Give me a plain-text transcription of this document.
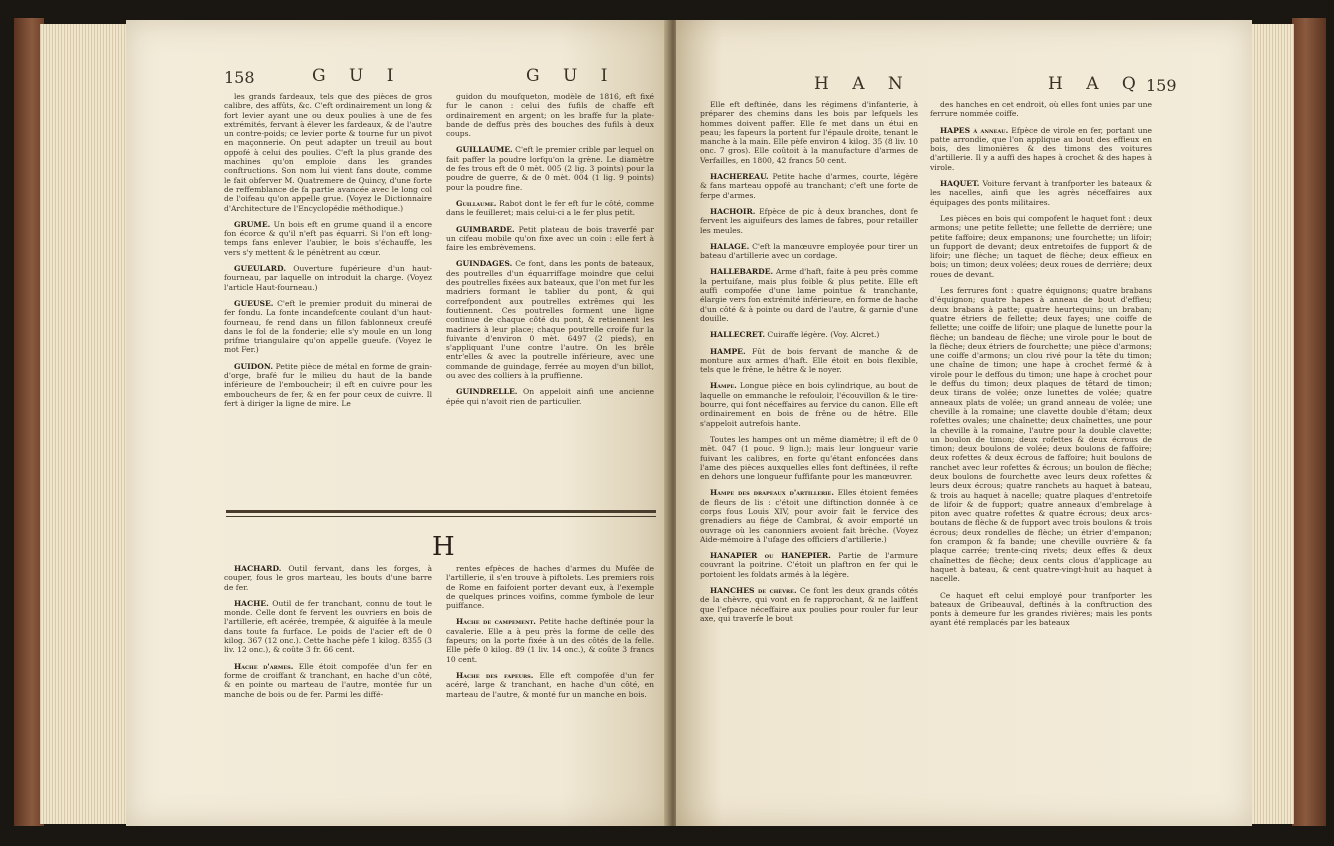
158	G U I	G U I

les grands fardeaux, tels que des pièces de gros calibre, des affûts, &c. C'eft ordinairement un long & fort levier ayant une ou deux poulies à une de fes extrémités, fervant à élever les fardeaux, & de l'autre un contre-poids; ce levier porte & tourne fur un pivot en maçonnerie. On peut adapter un treuil au bout oppofé à celui des poulies. C'eft la plus grande des machines qu'on emploie dans les grandes conftructions. Son nom lui vient fans doute, comme le fait obferver M. Quatremere de Quincy, d'une forte de reffemblance de fa partie avancée avec le long col de l'oifeau qu'on appelle grue. (Voyez le Dictionnaire d'Architecture de l'Encyclopédie méthodique.)

GRUME. Un bois eft en grume quand il a encore fon écorce & qu'il n'eft pas équarri. Si l'on eft long-temps fans enlever l'aubier, le bois s'échauffe, les vers s'y mettent & le pénètrent au cœur.

GUEULARD. Ouverture fupérieure d'un haut-fourneau, par laquelle on introduit la charge. (Voyez l'article Haut-fourneau.)

GUEUSE. C'eft le premier produit du minerai de fer fondu. La fonte incandefcente coulant d'un haut-fourneau, fe rend dans un fillon fablonneux creufé dans le fol de la fonderie; elle s'y moule en un long prifme triangulaire qu'on appelle gueufe. (Voyez le mot Fer.)

GUIDON. Petite pièce de métal en forme de grain-d'orge, brafé fur le milieu du haut de la bande inférieure de l'emboucheir; il eft en cuivre pour les emboucheurs de fer, & en fer pour ceux de cuivre. Il fert à diriger la ligne de mire. Le

guidon du moufqueton, modèle de 1816, eft fixé fur le canon : celui des fufils de chaffe eft ordinairement en argent; on les braffe fur la plate-bande de deffus près des bouches des fufils à deux coups.

GUILLAUME. C'eft le premier crible par lequel on fait paffer la poudre lorfqu'on la grène. Le diamètre de fes trous eft de 0 mèt. 005 (2 lig. 3 points) pour la poudre de guerre, & de 0 mèt. 004 (1 lig. 9 points) pour la poudre fine.

Guillaume. Rabot dont le fer eft fur le côté, comme dans le feuilleret; mais celui-ci a le fer plus petit.

GUIMBARDE. Petit plateau de bois traverfé par un cifeau mobile qu'on fixe avec un coin : elle fert à faire les embrèvemens.

GUINDAGES. Ce font, dans les ponts de bateaux, des poutrelles d'un équarriffage moindre que celui des poutrelles fixées aux bateaux, que l'on met fur les madriers formant le tablier du pont, & qui correfpondent aux poutrelles extrêmes qui les foutiennent. Ces poutrelles forment une ligne continue de chaque côté du pont, & retiennent les madriers à leur place; chaque poutrelle croife fur la fuivante d'environ 0 mèt. 6497 (2 pieds), en s'appliquant l'une contre l'autre. On les brêle entr'elles & avec la poutrelle inférieure, avec une commande de guindage, ferrée au moyen d'un billot, ou avec des colliers à la pruffienne.

GUINDRELLE. On appeloit ainfi une ancienne épée qui n'avoit rien de particulier.

H

HACHARD. Outil fervant, dans les forges, à couper, fous le gros marteau, les bouts d'une barre de fer.

HACHE. Outil de fer tranchant, connu de tout le monde. Celle dont fe fervent les ouvriers en bois de l'artillerie, eft acérée, trempée, & aiguifée à la meule dans toute fa furface. Le poids de l'acier eft de 0 kilog. 367 (12 onc.). Cette hache pèfe 1 kilog. 8355 (3 liv. 12 onc.), & coûte 3 fr. 66 cent.

Hache d'armes. Elle étoit compofée d'un fer en forme de croiffant & tranchant, en hache d'un côté, & en pointe ou marteau de l'autre, montée fur un manche de bois ou de fer. Parmi les diffé-

rentes efpèces de haches d'armes du Mufée de l'artillerie, il s'en trouve à piftolets. Les premiers rois de Rome en faifoient porter devant eux, à l'exemple de quelques princes voifins, comme fymbole de leur puiffance.

Hache de campement. Petite hache deftinée pour la cavalerie. Elle a à peu près la forme de celle des fapeurs; on la porte fixée à un des côtés de la felle. Elle pèfe 0 kilog. 89 (1 liv. 14 onc.), & coûte 3 francs 10 cent.

Hache des fapeurs. Elle eft compofée d'un fer acéré, large & tranchant, en hache d'un côté, en marteau de l'autre, & monté fur un manche en bois.

H A N	H A Q 159

Elle eft deftinée, dans les régimens d'infanterie, à préparer des chemins dans les bois par lefquels les hommes doivent paffer. Elle fe met dans un étui en peau; les fapeurs la portent fur l'épaule droite, tenant le manche à la main. Elle pèfe environ 4 kilog. 35 (8 liv. 10 onc. 7 gros). Elle coûtoit à la manufacture d'armes de Verfailles, en 1800, 42 francs 50 cent.

HACHEREAU. Petite hache d'armes, courte, légère & fans marteau oppofé au tranchant; c'eft une forte de ferpe d'armes.

HACHOIR. Efpèce de pic à deux branches, dont fe fervent les aiguifeurs des lames de fabres, pour retailler les meules.

HALAGE. C'eft la manœuvre employée pour tirer un bateau d'artillerie avec un cordage.

HALLEBARDE. Arme d'haft, faite à peu près comme la pertuifane, mais plus foible & plus petite. Elle eft auffi compofée d'une lame pointue & tranchante, élargie vers fon extrémité inférieure, en forme de hache d'un côté & à pointe ou dard de l'autre, & garnie d'une douille.

HALLECRET. Cuiraffe légère. (Voy. Alcret.)

HAMPE. Fût de bois fervant de manche & de monture aux armes d'haft. Elle étoit en bois flexible, tels que le frêne, le hêtre & le noyer.

Hampe. Longue pièce en bois cylindrique, au bout de laquelle on emmanche le refouloir, l'écouvillon & le tire-bourre, qui font néceffaires au fervice du canon. Elle eft ordinairement en bois de frêne ou de hêtre. Elle s'appeloit autrefois hante.

Toutes les hampes ont un même diamètre; il eft de 0 mèt. 047 (1 pouc. 9 lign.); mais leur longueur varie fuivant les calibres, en forte qu'étant enfoncées dans l'ame des pièces auxquelles elles font deftinées, il refte en dehors une longueur fuffifante pour les manœuvrer.

Hampe des drapeaux d'artillerie. Elles étoient femées de fleurs de lis : c'étoit une diftinction donnée à ce corps fous Louis XIV, pour avoir fait le fervice des grenadiers au fiége de Cambrai, & avoir emporté un ouvrage où les canonniers avoient fait brèche. (Voyez Aide-mémoire à l'ufage des officiers d'artillerie.)

HANAPIER ou HANEPIER. Partie de l'armure couvrant la poitrine. C'étoit un plaftron en fer qui le portoient les foldats armés à la légère.

HANCHES de chèvre. Ce font les deux grands côtés de la chèvre, qui vont en fe rapprochant, & ne laiffent que l'efpace néceffaire aux poulies pour rouler fur leur axe, qui traverfe le bout

des hanches en cet endroit, où elles font unies par une ferrure nommée coiffe.

HAPES à anneau. Efpèce de virole en fer, portant une patte arrondie, que l'on applique au bout des effieux en bois, des limonières & des timons des voitures d'artillerie. Il y a auffi des hapes à crochet & des hapes à virole.

HAQUET. Voiture fervant à tranfporter les bateaux & les nacelles, ainfi que les agrès néceffaires aux équipages des ponts militaires.

Les pièces en bois qui compofent le haquet font : deux armons; une petite fellette; une fellette de derrière; une petite faffoire; deux empanons; une fourchette; un lifoir; un fupport de devant; deux entretoifes de fupport & de lifoir; une flèche; un taquet de flèche; deux effieux en bois; un timon; deux volées; deux roues de derrière; deux roues de devant.

Les ferrures font : quatre équignons; quatre brabans d'équignon; quatre hapes à anneau de bout d'effieu; deux brabans à patte; quatre heurtequins; un braban; quatre étriers de fellette; deux fayes; une coiffe de fellette; une coiffe de lifoir; une plaque de lunette pour la flèche; un bandeau de flèche; une virole pour le bout de la flèche; deux étriers de fourchette; une pièce d'armons; une coiffe d'armons; un clou rivé pour la tête du timon; une chaîne de timon; une hape à crochet fermé & à virole pour le deffous du timon; une hape à crochet pour le deffus du timon; deux plaques de têtard de timon; deux tirans de volée; onze lunettes de volée; quatre anneaux plats de volée; un grand anneau de volée; une cheville à la romaine; une clavette double d'étam; deux rofettes ovales; une chaînette; deux chaînettes, une pour la cheville à la romaine, l'autre pour la double clavette; un boulon de timon; deux rofettes & deux écrous de timon; deux boulons de volée; deux boulons de faffoire; deux rofettes & deux écrous de faffoire; huit boulons de ranchet avec leur rofettes & écrous; un boulon de flèche; deux boulons de fourchette avec leurs deux rofettes & leurs deux écrous; quatre ranchets au haquet à bateau, & trois au haquet à nacelle; quatre plaques d'entretoife de lifoir & de fupport; quatre anneaux d'embrelage à piton avec quatre rofettes & quatre écrous; deux arcs-boutans de flèche & de fupport avec trois boulons & trois écrous; deux rondelles de flèche; un étrier d'empanon; fon crampon & fa bande; une cheville ouvrière & fa plaque carrée; trente-cinq rivets; deux effes & deux chaînettes de flèche; deux cents clous d'applicage au haquet à bateau, & cent quatre-vingt-huit au haquet à nacelle.

Ce haquet eft celui employé pour tranfporter les bateaux de Gribeauval, deftinés à la conftruction des ponts à demeure fur les grandes rivières; mais les ponts ayant été remplacés par les bateaux
